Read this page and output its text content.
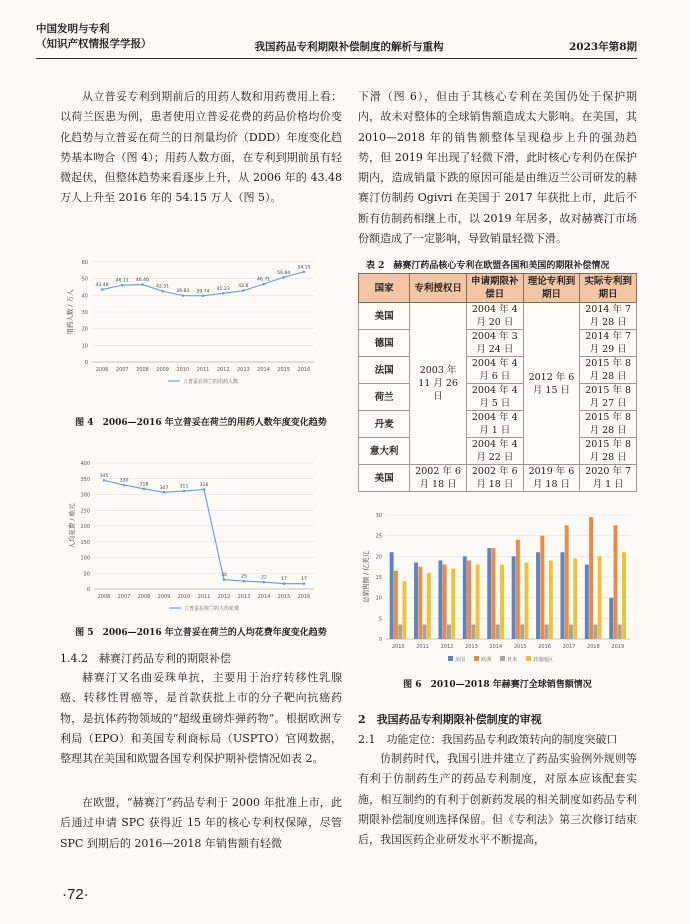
中国发明与专利
（知识产权情报学学报）	我国药品专利期限补偿制度的解析与重构	2023年第8期

从立普妥专利到期前后的用药人数和用药费用上看：以荷兰医患为例，患者使用立普妥花费的药品价格均价变化趋势与立普妥在荷兰的日剂量均价（DDD）年度变化趋势基本吻合（图 4）；用药人数方面，在专利到期前虽有轻微起伏，但整体趋势来看逐步上升，从 2006 年的 43.48 万人上升至 2016 年的 54.15 万人（图 5）。

0
10
20
30
40
50
60
2006 2007 2008 2009 2010 2011 2012 2013 2014 2015 2016
43.48
46.11 46.46
42.51
39.83 39.74 41.23
42.8
46.71
50.84
54.15
用药人数 / 万人
立普妥在荷兰的用药人数
图 4　2006—2016 年立普妥在荷兰的用药人数年度变化趋势
0
50
100
150
200
250
300
350
400
2006 2007 2008 2009 2010 2011 2012 2013 2014 2015 2016
345
330
318
307 311 316
30	25	22	17	17
人均花费 / 欧元
立普妥在荷兰的人均花费
图 5　2006—2016 年立普妥在荷兰的人均花费年度变化趋势
1.4.2　赫赛汀药品专利的期限补偿

赫赛汀又名曲妥珠单抗，主要用于治疗转移性乳腺癌、转移性胃癌等，是首款获批上市的分子靶向抗癌药物，是抗体药物领域的“超级重磅炸弹药物”。根据欧洲专利局（EPO）和美国专利商标局（USPTO）官网数据，整理其在美国和欧盟各国专利保护期补偿情况如表 2。

在欧盟，“赫赛汀”药品专利于 2000 年批准上市，此后通过申请 SPC 获得近 15 年的核心专利权保障，尽管 SPC 到期后的 2016—2018 年销售额有轻微

下滑（图 6），但由于其核心专利在美国仍处于保护期内，故未对整体的全球销售额造成太大影响。在美国，其 2010—2018 年的销售额整体呈现稳步上升的强劲趋势，但 2019 年出现了轻微下滑，此时核心专利仍在保护期内，造成销量下跌的原因可能是由维迈兰公司研发的赫赛汀仿制药 Ogivri 在美国于 2017 年获批上市，此后不断有仿制药相继上市，以 2019 年居多，故对赫赛汀市场份额造成了一定影响，导致销量轻微下滑。

表 2　赫赛汀药品核心专利在欧盟各国和美国的期限补偿情况
国家	专利授权日	申请期限补偿日	理论专利到期日	实际专利到期日
美国	2003 年 11 月 26 日	2004 年 4 月 20 日	2012 年 6 月 15 日	2014 年 7 月 28 日
德国		2004 年 3 月 24 日		2014 年 7 月 29 日
法国		2004 年 4 月 6 日		2015 年 8 月 28 日
荷兰		2004 年 4 月 5 日		2015 年 8 月 27 日
丹麦		2004 年 4 月 1 日		2015 年 8 月 28 日
意大利		2004 年 4 月 22 日		2015 年 8 月 28 日
美国	2002 年 6 月 18 日	2002 年 6 月 18 日	2019 年 6 月 18 日	2020 年 7 月 1 日
0
5
10
15
20
25
30
2010 2011 2012 2013 2014 2015 2016 2017 2018 2019
总销售额 / 亿美元
美国	欧洲	日本	其他地区
图 6　2010—2018 年赫赛汀全球销售额情况
2　我国药品专利期限补偿制度的审视
2.1　功能定位：我国药品专利政策转向的制度突破口

仿制药时代，我国引进并建立了药品实验例外规则等有利于仿制药生产的药品专利制度，对原本应该配套实施，相互制约的有利于创新药发展的相关制度如药品专利期限补偿制度则选择保留。但《专利法》第三次修订结束后，我国医药企业研发水平不断提高，

·72·
